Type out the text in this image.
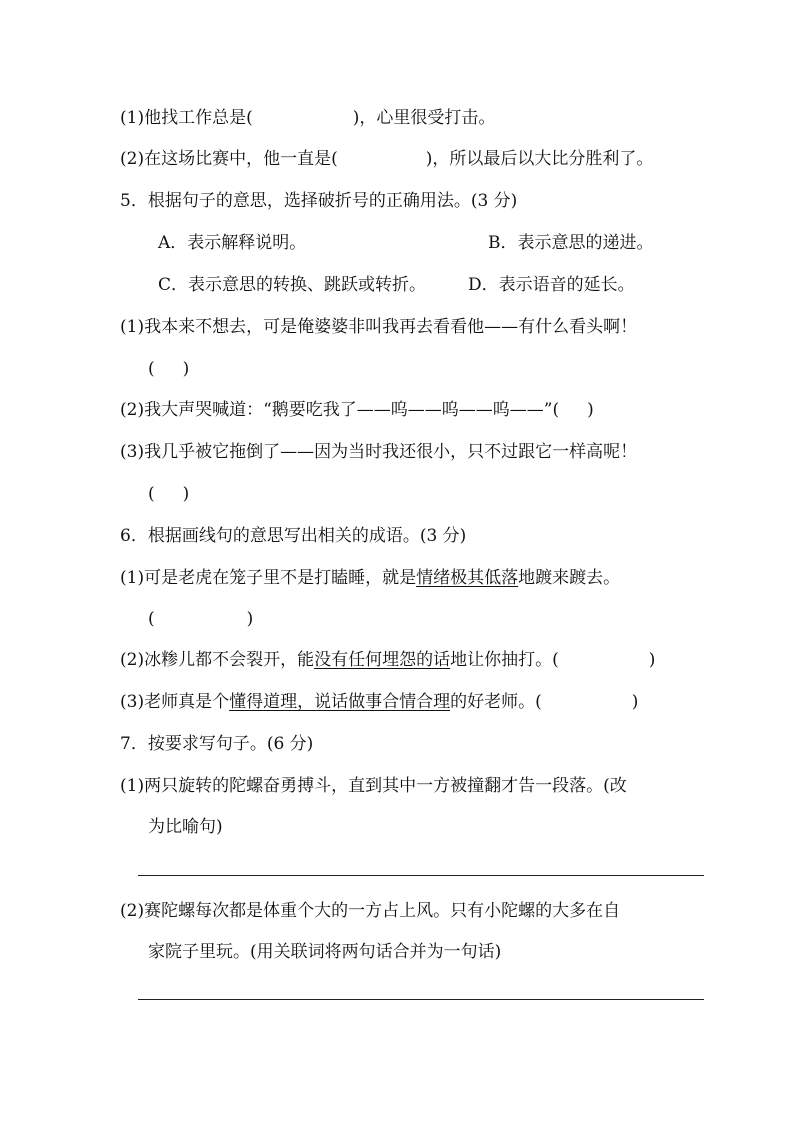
(1)他找工作总是(	)，心里很受打击。
(2)在这场比赛中，他一直是(	)，所以最后以大比分胜利了。
5．根据句子的意思，选择破折号的正确用法。(3 分)
A．表示解释说明。	B．表示意思的递进。
C．表示意思的转换、跳跃或转折。 D．表示语音的延长。
(1)我本来不想去，可是俺婆婆非叫我再去看看他——有什么看头啊！
( )
(2)我大声哭喊道：“鹅要吃我了——呜——呜——呜——”( )
(3)我几乎被它拖倒了——因为当时我还很小，只不过跟它一样高呢！
( )
6．根据画线句的意思写出相关的成语。(3 分)
(1)可是老虎在笼子里不是打瞌睡，就是情绪极其低落地踱来踱去。
(	)
(2)冰糁儿都不会裂开，能没有任何埋怨的话地让你抽打。(	)
(3)老师真是个懂得道理，说话做事合情合理的好老师。(	)
7．按要求写句子。(6 分)
(1)两只旋转的陀螺奋勇搏斗，直到其中一方被撞翻才告一段落。(改
为比喻句)
(2)赛陀螺每次都是体重个大的一方占上风。只有小陀螺的大多在自
家院子里玩。(用关联词将两句话合并为一句话)
